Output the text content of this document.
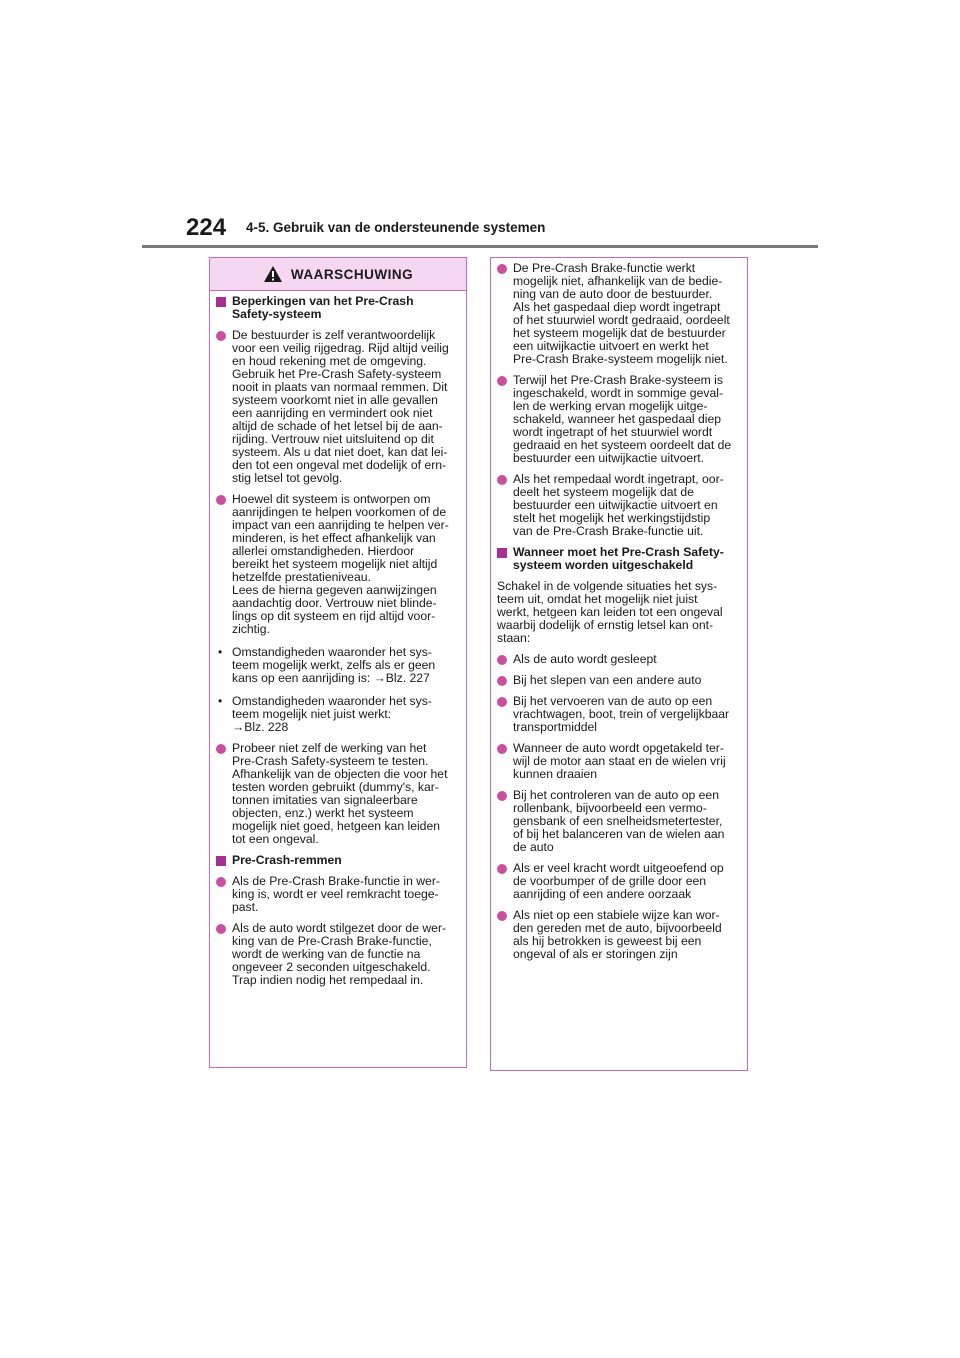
224 4-5. Gebruik van de ondersteunende systemen
WAARSCHUWING
Beperkingen van het Pre-Crash
Safety-systeem
De bestuurder is zelf verantwoordelijk
voor een veilig rijgedrag. Rijd altijd veilig
en houd rekening met de omgeving.
Gebruik het Pre-Crash Safety-systeem
nooit in plaats van normaal remmen. Dit
systeem voorkomt niet in alle gevallen
een aanrijding en vermindert ook niet
altijd de schade of het letsel bij de aan-
rijding. Vertrouw niet uitsluitend op dit
systeem. Als u dat niet doet, kan dat lei-
den tot een ongeval met dodelijk of ern-
stig letsel tot gevolg.
Hoewel dit systeem is ontworpen om
aanrijdingen te helpen voorkomen of de
impact van een aanrijding te helpen ver-
minderen, is het effect afhankelijk van
allerlei omstandigheden. Hierdoor
bereikt het systeem mogelijk niet altijd
hetzelfde prestatieniveau.
Lees de hierna gegeven aanwijzingen
aandachtig door. Vertrouw niet blinde-
lings op dit systeem en rijd altijd voor-
zichtig.
• Omstandigheden waaronder het sys-
teem mogelijk werkt, zelfs als er geen
kans op een aanrijding is: →Blz. 227
• Omstandigheden waaronder het sys-
teem mogelijk niet juist werkt:
→Blz. 228
Probeer niet zelf de werking van het
Pre-Crash Safety-systeem te testen.
Afhankelijk van de objecten die voor het
testen worden gebruikt (dummy's, kar-
tonnen imitaties van signaleerbare
objecten, enz.) werkt het systeem
mogelijk niet goed, hetgeen kan leiden
tot een ongeval.
Pre-Crash-remmen
Als de Pre-Crash Brake-functie in wer-
king is, wordt er veel remkracht toege-
past.
Als de auto wordt stilgezet door de wer-
king van de Pre-Crash Brake-functie,
wordt de werking van de functie na
ongeveer 2 seconden uitgeschakeld.
Trap indien nodig het rempedaal in.
De Pre-Crash Brake-functie werkt
mogelijk niet, afhankelijk van de bedie-
ning van de auto door de bestuurder.
Als het gaspedaal diep wordt ingetrapt
of het stuurwiel wordt gedraaid, oordeelt
het systeem mogelijk dat de bestuurder
een uitwijkactie uitvoert en werkt het
Pre-Crash Brake-systeem mogelijk niet.
Terwijl het Pre-Crash Brake-systeem is
ingeschakeld, wordt in sommige geval-
len de werking ervan mogelijk uitge-
schakeld, wanneer het gaspedaal diep
wordt ingetrapt of het stuurwiel wordt
gedraaid en het systeem oordeelt dat de
bestuurder een uitwijkactie uitvoert.
Als het rempedaal wordt ingetrapt, oor-
deelt het systeem mogelijk dat de
bestuurder een uitwijkactie uitvoert en
stelt het mogelijk het werkingstijdstip
van de Pre-Crash Brake-functie uit.
Wanneer moet het Pre-Crash Safety-
systeem worden uitgeschakeld
Schakel in de volgende situaties het sys-
teem uit, omdat het mogelijk niet juist
werkt, hetgeen kan leiden tot een ongeval
waarbij dodelijk of ernstig letsel kan ont-
staan:
Als de auto wordt gesleept
Bij het slepen van een andere auto
Bij het vervoeren van de auto op een
vrachtwagen, boot, trein of vergelijkbaar
transportmiddel
Wanneer de auto wordt opgetakeld ter-
wijl de motor aan staat en de wielen vrij
kunnen draaien
Bij het controleren van de auto op een
rollenbank, bijvoorbeeld een vermo-
gensbank of een snelheidsmetertester,
of bij het balanceren van de wielen aan
de auto
Als er veel kracht wordt uitgeoefend op
de voorbumper of de grille door een
aanrijding of een andere oorzaak
Als niet op een stabiele wijze kan wor-
den gereden met de auto, bijvoorbeeld
als hij betrokken is geweest bij een
ongeval of als er storingen zijn
